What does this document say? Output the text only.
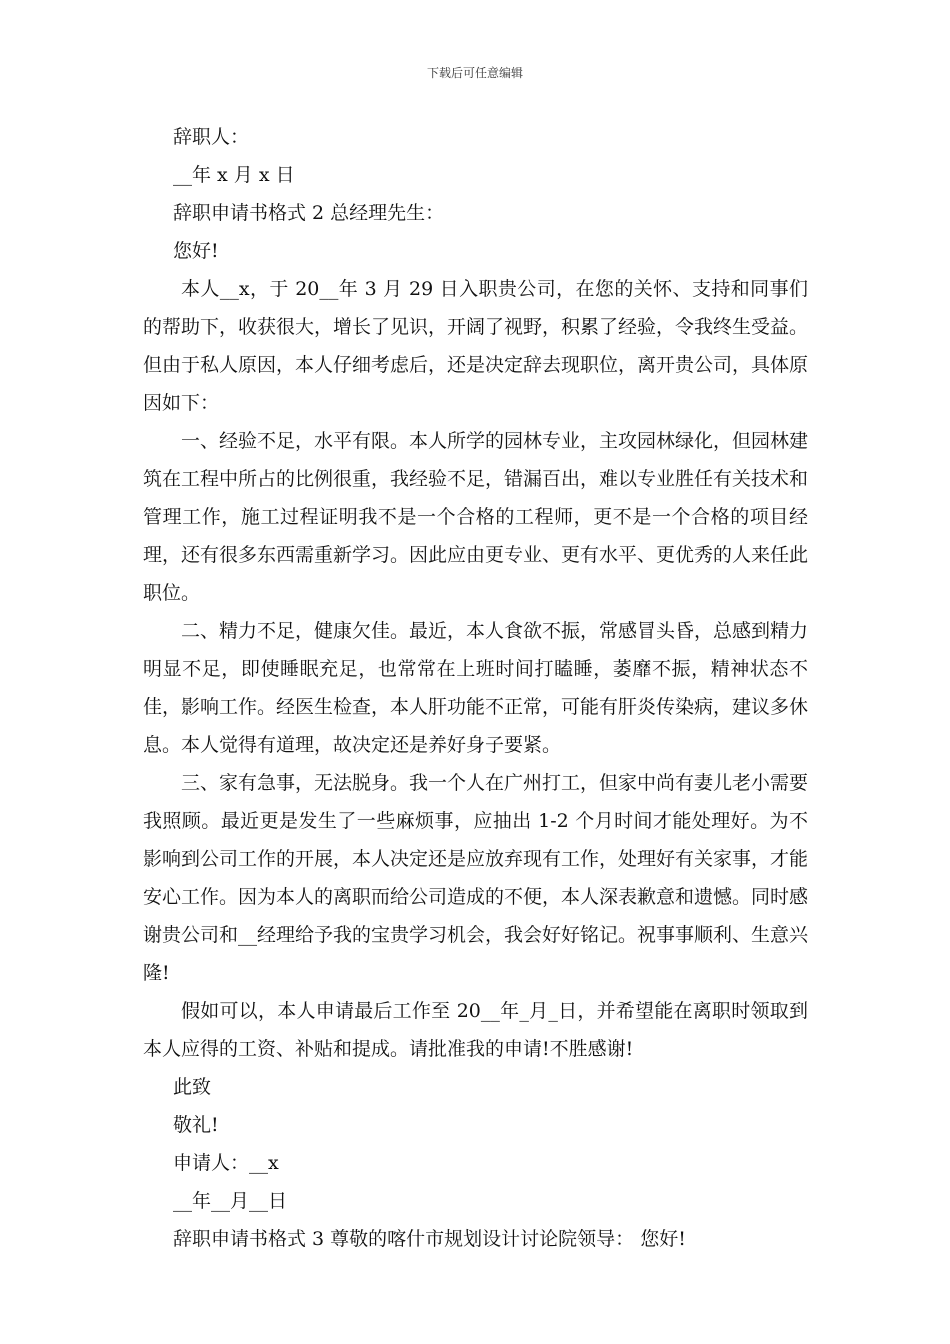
下载后可任意编辑
辞职人：
__年 x 月 x 日
辞职申请书格式 2 总经理先生：
您好!

本人__x，于 20__年 3 月 29 日入职贵公司，在您的关怀、支持和同事们的帮助下，收获很大，增长了见识，开阔了视野，积累了经验，令我终生受益。但由于私人原因，本人仔细考虑后，还是决定辞去现职位，离开贵公司，具体原因如下：

一、经验不足，水平有限。本人所学的园林专业，主攻园林绿化，但园林建筑在工程中所占的比例很重，我经验不足，错漏百出，难以专业胜任有关技术和管理工作，施工过程证明我不是一个合格的工程师，更不是一个合格的项目经理，还有很多东西需重新学习。因此应由更专业、更有水平、更优秀的人来任此职位。

二、精力不足，健康欠佳。最近，本人食欲不振，常感冒头昏，总感到精力明显不足，即使睡眠充足，也常常在上班时间打瞌睡，萎靡不振，精神状态不佳，影响工作。经医生检查，本人肝功能不正常，可能有肝炎传染病，建议多休息。本人觉得有道理，故决定还是养好身子要紧。

三、家有急事，无法脱身。我一个人在广州打工，但家中尚有妻儿老小需要我照顾。最近更是发生了一些麻烦事，应抽出 1-2 个月时间才能处理好。为不影响到公司工作的开展，本人决定还是应放弃现有工作，处理好有关家事，才能安心工作。因为本人的离职而给公司造成的不便，本人深表歉意和遗憾。同时感谢贵公司和__经理给予我的宝贵学习机会，我会好好铭记。祝事事顺利、生意兴隆!

假如可以，本人申请最后工作至 20__年_月_日，并希望能在离职时领取到本人应得的工资、补贴和提成。请批准我的申请!不胜感谢!

此致
敬礼!
申请人：__x
__年__月__日
辞职申请书格式 3 尊敬的喀什市规划设计讨论院领导： 您好!
